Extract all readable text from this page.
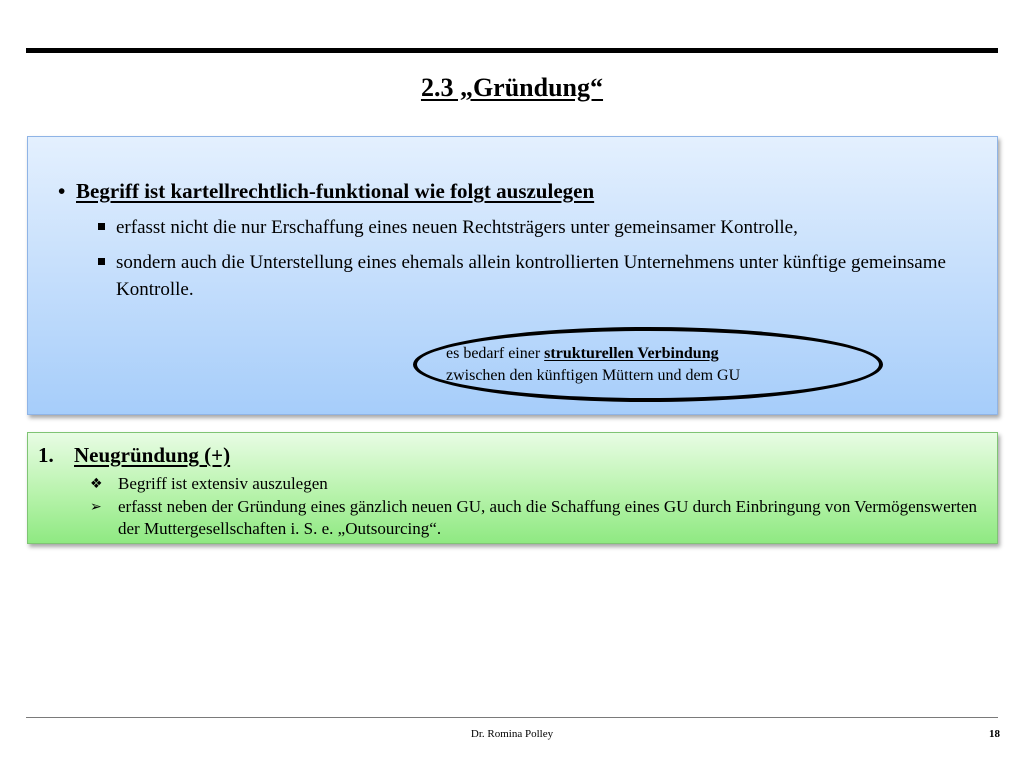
2.3 „Gründung“
• Begriff ist kartellrechtlich-funktional wie folgt auszulegen
erfasst nicht die nur Erschaffung eines neuen Rechtsträgers unter gemeinsamer Kontrolle,
sondern auch die Unterstellung eines ehemals allein kontrollierten Unternehmens unter künftige gemeinsame Kontrolle.
es bedarf einer strukturellen Verbindung
zwischen den künftigen Müttern und dem GU
1. Neugründung (+)
❖ Begriff ist extensiv auszulegen
➢ erfasst neben der Gründung eines gänzlich neuen GU, auch die Schaffung eines GU durch Einbringung von Vermögenswerten der Muttergesellschaften i. S. e. „Outsourcing“.
Dr. Romina Polley	18
